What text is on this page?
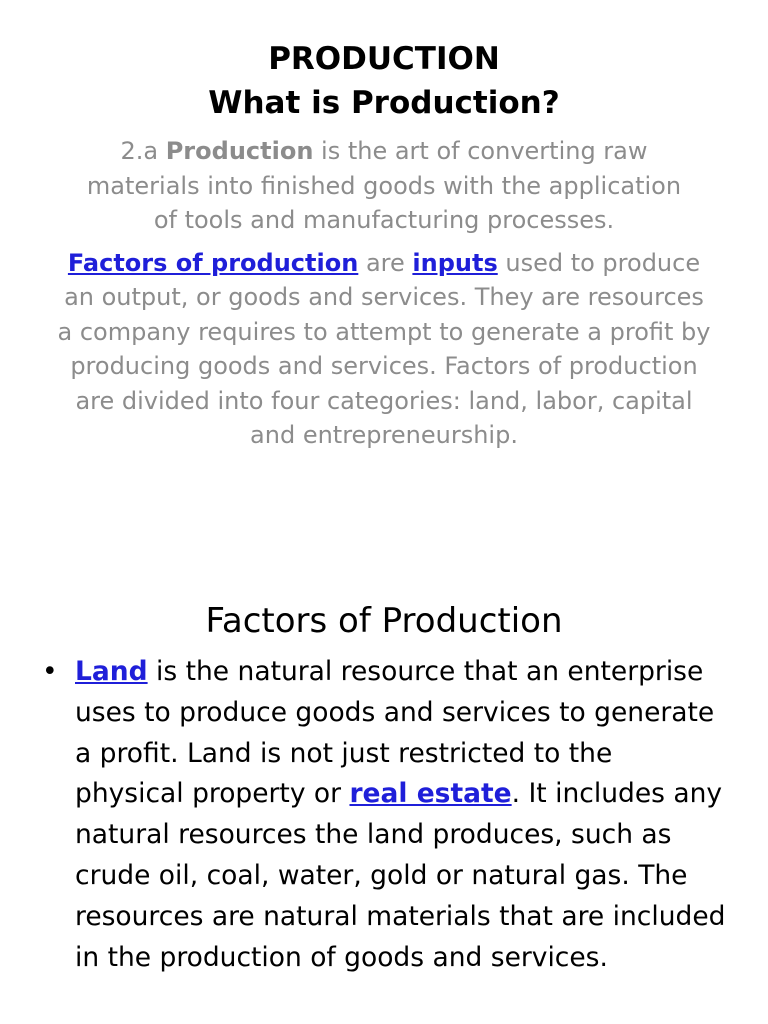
PRODUCTION
What is Production?

2.a Production is the art of converting raw materials into finished goods with the application of tools and manufacturing processes.

Factors of production are inputs used to produce an output, or goods and services. They are resources a company requires to attempt to generate a profit by producing goods and services. Factors of production are divided into four categories: land, labor, capital and entrepreneurship.

Factors of Production
• Land is the natural resource that an enterprise uses to produce goods and services to generate a profit. Land is not just restricted to the physical property or real estate. It includes any natural resources the land produces, such as crude oil, coal, water, gold or natural gas. The resources are natural materials that are included in the production of goods and services.
